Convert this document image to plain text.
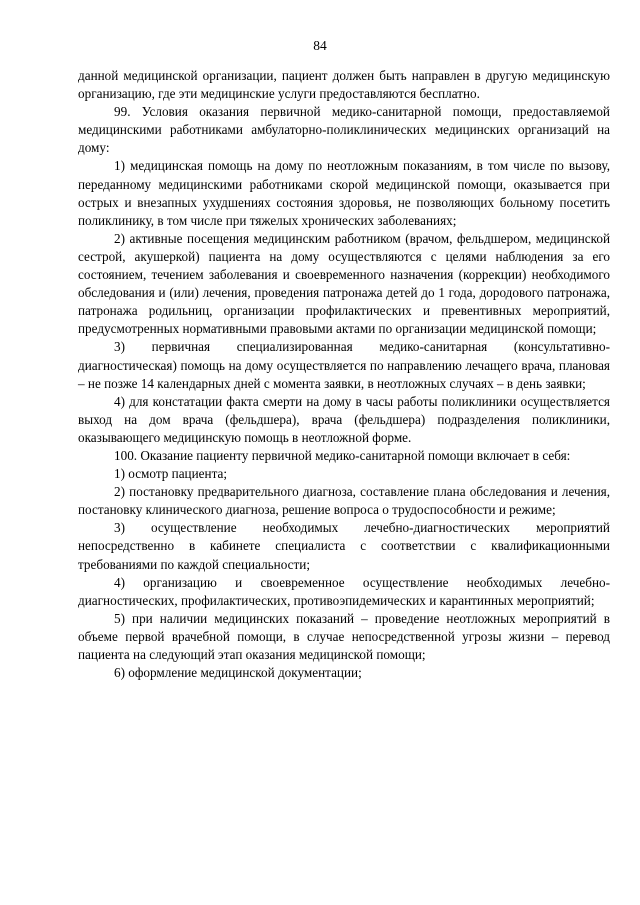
84

данной медицинской организации, пациент должен быть направлен в другую медицинскую организацию, где эти медицинские услуги предоставляются бесплатно.

99. Условия оказания первичной медико-санитарной помощи, предоставляемой медицинскими работниками амбулаторно-поликлинических медицинских организаций на дому:

1) медицинская помощь на дому по неотложным показаниям, в том числе по вызову, переданному медицинскими работниками скорой медицинской помощи, оказывается при острых и внезапных ухудшениях состояния здоровья, не позволяющих больному посетить поликлинику, в том числе при тяжелых хронических заболеваниях;

2) активные посещения медицинским работником (врачом, фельдшером, медицинской сестрой, акушеркой) пациента на дому осуществляются с целями наблюдения за его состоянием, течением заболевания и своевременного назначения (коррекции) необходимого обследования и (или) лечения, проведения патронажа детей до 1 года, дородового патронажа, патронажа родильниц, организации профилактических и превентивных мероприятий, предусмотренных нормативными правовыми актами по организации медицинской помощи;

3) первичная специализированная медико-санитарная (консультативно-диагностическая) помощь на дому осуществляется по направлению лечащего врача, плановая – не позже 14 календарных дней с момента заявки, в неотложных случаях – в день заявки;

4) для констатации факта смерти на дому в часы работы поликлиники осуществляется выход на дом врача (фельдшера), врача (фельдшера) подразделения поликлиники, оказывающего медицинскую помощь в неотложной форме.

100. Оказание пациенту первичной медико-санитарной помощи включает в себя:

1) осмотр пациента;

2) постановку предварительного диагноза, составление плана обследования и лечения, постановку клинического диагноза, решение вопроса о трудоспособности и режиме;

3) осуществление необходимых лечебно-диагностических мероприятий непосредственно в кабинете специалиста с соответствии с квалификационными требованиями по каждой специальности;

4) организацию и своевременное осуществление необходимых лечебно-диагностических, профилактических, противоэпидемических и карантинных мероприятий;

5) при наличии медицинских показаний – проведение неотложных мероприятий в объеме первой врачебной помощи, в случае непосредственной угрозы жизни – перевод пациента на следующий этап оказания медицинской помощи;

6) оформление медицинской документации;
